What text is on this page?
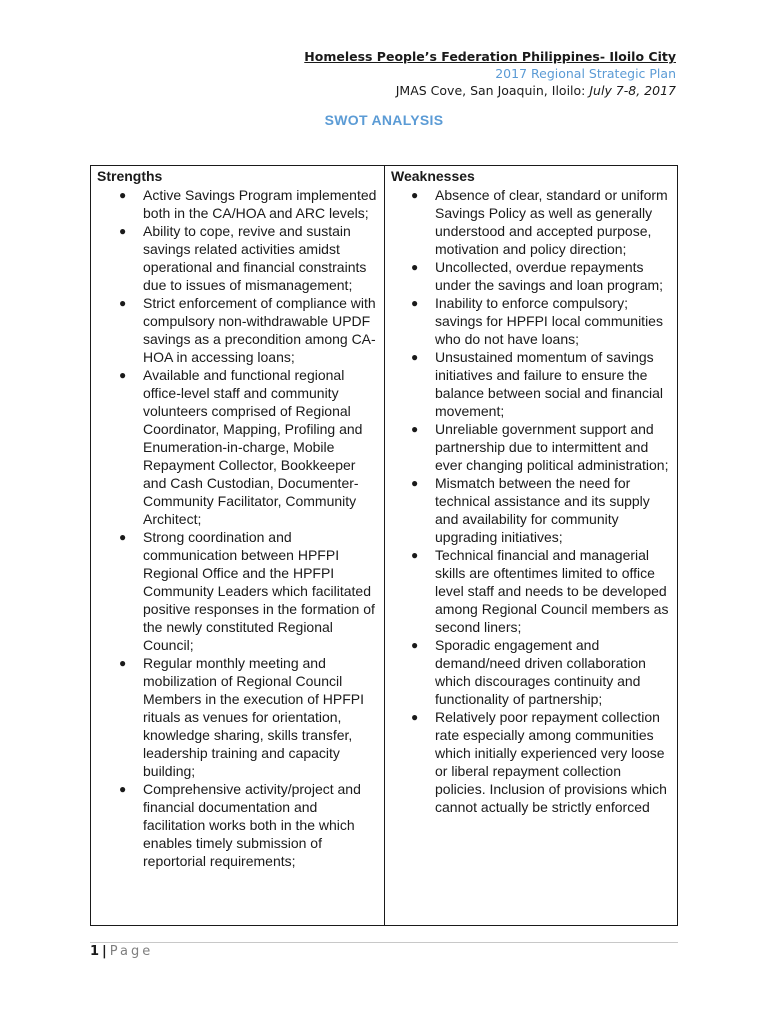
Homeless People’s Federation Philippines- Iloilo City
2017 Regional Strategic Plan
JMAS Cove, San Joaquin, Iloilo: July 7-8, 2017
SWOT ANALYSIS
Strengths
● Active Savings Program implemented both in the CA/HOA and ARC levels;
● Ability to cope, revive and sustain savings related activities amidst operational and financial constraints due to issues of mismanagement;
● Strict enforcement of compliance with compulsory non-withdrawable UPDF savings as a precondition among CA-HOA in accessing loans;
● Available and functional regional office-level staff and community volunteers comprised of Regional Coordinator, Mapping, Profiling and Enumeration-in-charge, Mobile Repayment Collector, Bookkeeper and Cash Custodian, Documenter-Community Facilitator, Community Architect;
● Strong coordination and communication between HPFPI Regional Office and the HPFPI Community Leaders which facilitated positive responses in the formation of the newly constituted Regional Council;
● Regular monthly meeting and mobilization of Regional Council Members in the execution of HPFPI rituals as venues for orientation, knowledge sharing, skills transfer, leadership training and capacity building;
● Comprehensive activity/project and financial documentation and facilitation works both in the which enables timely submission of reportorial requirements;
Weaknesses
● Absence of clear, standard or uniform Savings Policy as well as generally understood and accepted purpose, motivation and policy direction;
● Uncollected, overdue repayments under the savings and loan program;
● Inability to enforce compulsory; savings for HPFPI local communities who do not have loans;
● Unsustained momentum of savings initiatives and failure to ensure the balance between social and financial movement;
● Unreliable government support and partnership due to intermittent and ever changing political administration;
● Mismatch between the need for technical assistance and its supply and availability for community upgrading initiatives;
● Technical financial and managerial skills are oftentimes limited to office level staff and needs to be developed among Regional Council members as second liners;
● Sporadic engagement and demand/need driven collaboration which discourages continuity and functionality of partnership;
● Relatively poor repayment collection rate especially among communities which initially experienced very loose or liberal repayment collection policies. Inclusion of provisions which cannot actually be strictly enforced
1 | Page
